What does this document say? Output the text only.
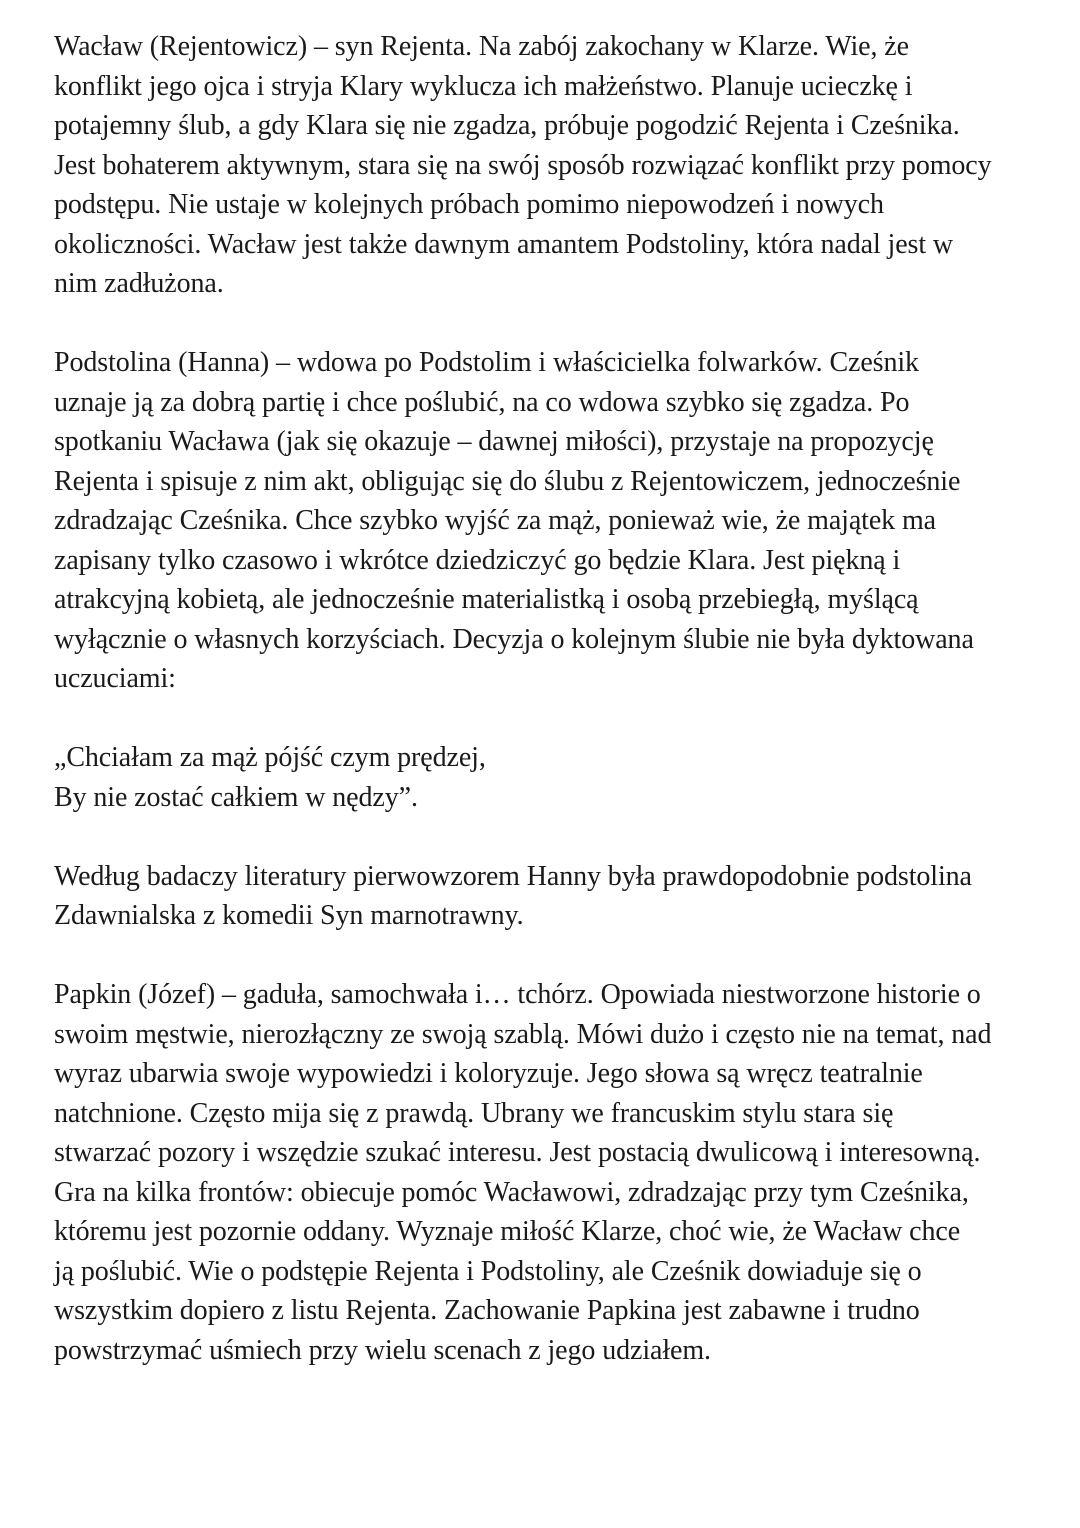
Wacław (Rejentowicz) – syn Rejenta. Na zabój zakochany w Klarze. Wie, że
konflikt jego ojca i stryja Klary wyklucza ich małżeństwo. Planuje ucieczkę i
potajemny ślub, a gdy Klara się nie zgadza, próbuje pogodzić Rejenta i Cześnika.
Jest bohaterem aktywnym, stara się na swój sposób rozwiązać konflikt przy pomocy
podstępu. Nie ustaje w kolejnych próbach pomimo niepowodzeń i nowych
okoliczności. Wacław jest także dawnym amantem Podstoliny, która nadal jest w
nim zadłużona.
Podstolina (Hanna) – wdowa po Podstolim i właścicielka folwarków. Cześnik
uznaje ją za dobrą partię i chce poślubić, na co wdowa szybko się zgadza. Po
spotkaniu Wacława (jak się okazuje – dawnej miłości), przystaje na propozycję
Rejenta i spisuje z nim akt, obligując się do ślubu z Rejentowiczem, jednocześnie
zdradzając Cześnika. Chce szybko wyjść za mąż, ponieważ wie, że majątek ma
zapisany tylko czasowo i wkrótce dziedziczyć go będzie Klara. Jest piękną i
atrakcyjną kobietą, ale jednocześnie materialistką i osobą przebiegłą, myślącą
wyłącznie o własnych korzyściach. Decyzja o kolejnym ślubie nie była dyktowana
uczuciami:
„Chciałam za mąż pójść czym prędzej,
By nie zostać całkiem w nędzy”.
Według badaczy literatury pierwowzorem Hanny była prawdopodobnie podstolina
Zdawnialska z komedii Syn marnotrawny.
Papkin (Józef) – gaduła, samochwała i… tchórz. Opowiada niestworzone historie o
swoim męstwie, nierozłączny ze swoją szablą. Mówi dużo i często nie na temat, nad
wyraz ubarwia swoje wypowiedzi i koloryzuje. Jego słowa są wręcz teatralnie
natchnione. Często mija się z prawdą. Ubrany we francuskim stylu stara się
stwarzać pozory i wszędzie szukać interesu. Jest postacią dwulicową i interesowną.
Gra na kilka frontów: obiecuje pomóc Wacławowi, zdradzając przy tym Cześnika,
któremu jest pozornie oddany. Wyznaje miłość Klarze, choć wie, że Wacław chce
ją poślubić. Wie o podstępie Rejenta i Podstoliny, ale Cześnik dowiaduje się o
wszystkim dopiero z listu Rejenta. Zachowanie Papkina jest zabawne i trudno
powstrzymać uśmiech przy wielu scenach z jego udziałem.
